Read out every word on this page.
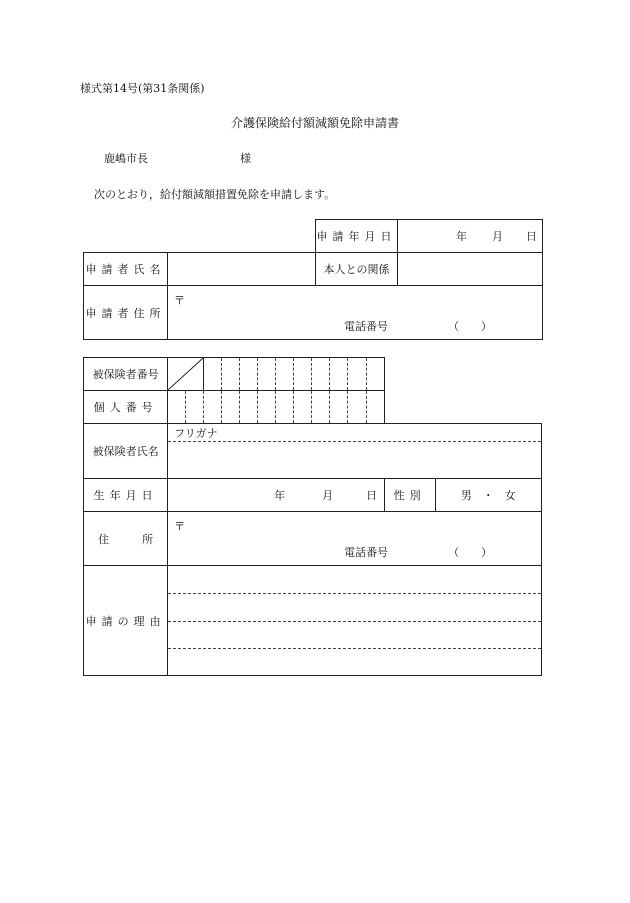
様式第14号(第31条関係)
介護保険給付額減額免除申請書
鹿嶋市長	様
次のとおり，給付額減額措置免除を申請します。
		申請年月日	年 月 日

申請者氏名		本人との関係	
申請者住所	〒
電話番号 （　　）		
被保険者番号	

個人番号														
被保険者氏名	フリガナ													

生年月日	年 月 日												性別	男　・　女
住　　　所	〒
電話番号 （　　）													

申請の理由														
